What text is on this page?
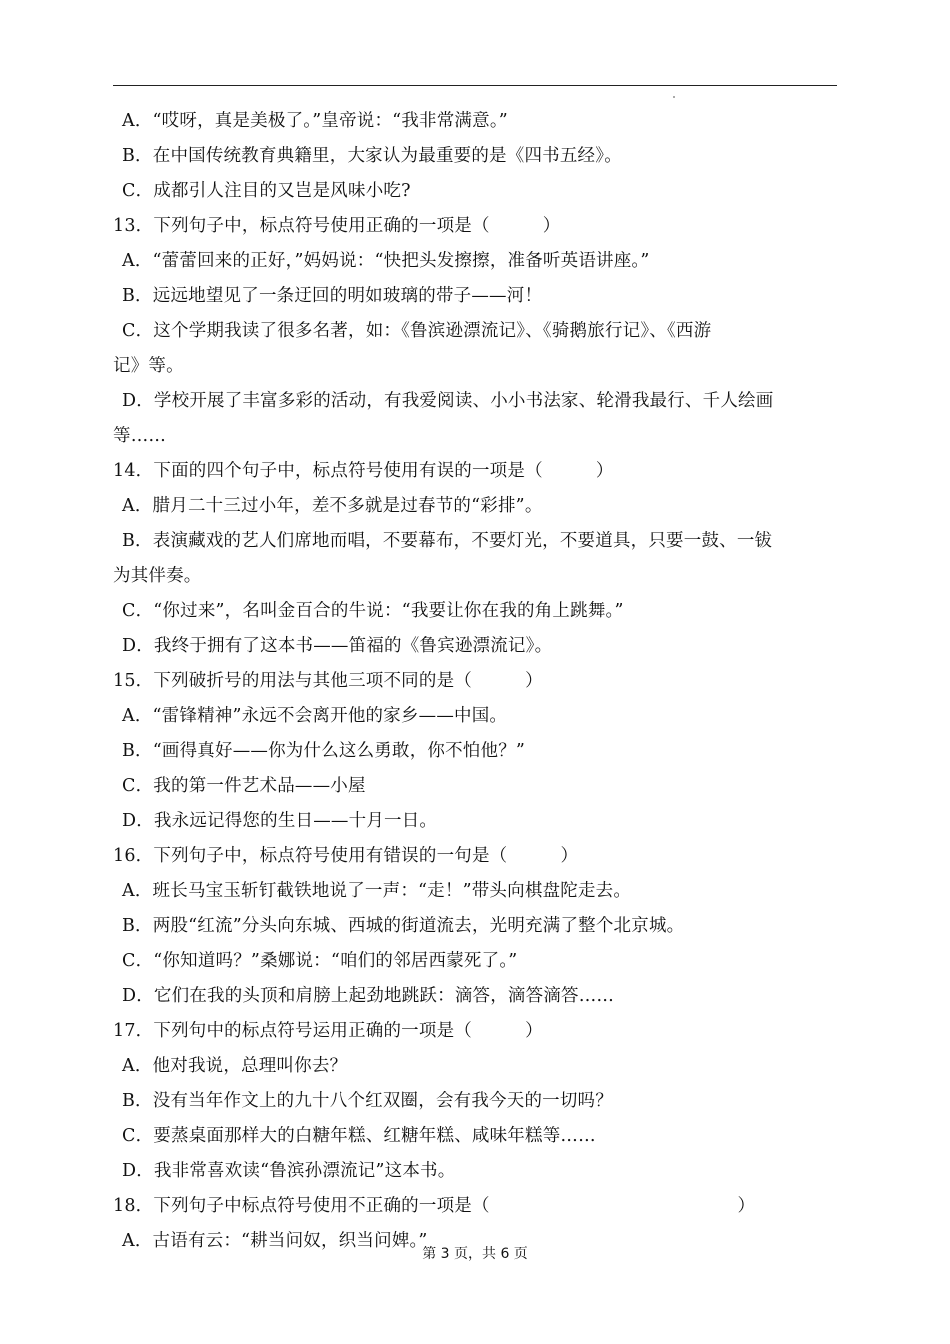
A．“哎呀，真是美极了。”皇帝说：“我非常满意。”
B．在中国传统教育典籍里，大家认为最重要的是《四书五经》。
C．成都引人注目的又岂是风味小吃?
13．下列句子中，标点符号使用正确的一项是（　　　）
A．“蕾蕾回来的正好，”妈妈说：“快把头发擦擦，准备听英语讲座。”
B．远远地望见了一条迂回的明如玻璃的带子——河！
C．这个学期我读了很多名著，如：《鲁滨逊漂流记》、《骑鹅旅行记》、《西游
记》等。
D．学校开展了丰富多彩的活动，有我爱阅读、小小书法家、轮滑我最行、千人绘画
等……
14．下面的四个句子中，标点符号使用有误的一项是（　　　）
A．腊月二十三过小年，差不多就是过春节的“彩排”。
B．表演藏戏的艺人们席地而唱，不要幕布，不要灯光，不要道具，只要一鼓、一钹
为其伴奏。
C．“你过来”，名叫金百合的牛说：“我要让你在我的角上跳舞。”
D．我终于拥有了这本书——笛福的《鲁宾逊漂流记》。
15．下列破折号的用法与其他三项不同的是（　　　）
A．“雷锋精神”永远不会离开他的家乡——中国。
B．“画得真好——你为什么这么勇敢，你不怕他？”
C．我的第一件艺术品——小屋
D．我永远记得您的生日——十月一日。
16．下列句子中，标点符号使用有错误的一句是（　　　）
A．班长马宝玉斩钉截铁地说了一声：“走！”带头向棋盘陀走去。
B．两股“红流”分头向东城、西城的街道流去，光明充满了整个北京城。
C．“你知道吗？”桑娜说：“咱们的邻居西蒙死了。”
D．它们在我的头顶和肩膀上起劲地跳跃：滴答，滴答滴答……
17．下列句中的标点符号运用正确的一项是（　　　）
A．他对我说，总理叫你去？
B．没有当年作文上的九十八个红双圈，会有我今天的一切吗？
C．要蒸桌面那样大的白糖年糕、红糖年糕、咸味年糕等……
D．我非常喜欢读“鲁滨孙漂流记”这本书。
18．下列句子中标点符号使用不正确的一项是（　　　　　　　　　　　　　　）
A．古语有云：“耕当问奴，织当问婢。”
第 3 页，共 6 页
